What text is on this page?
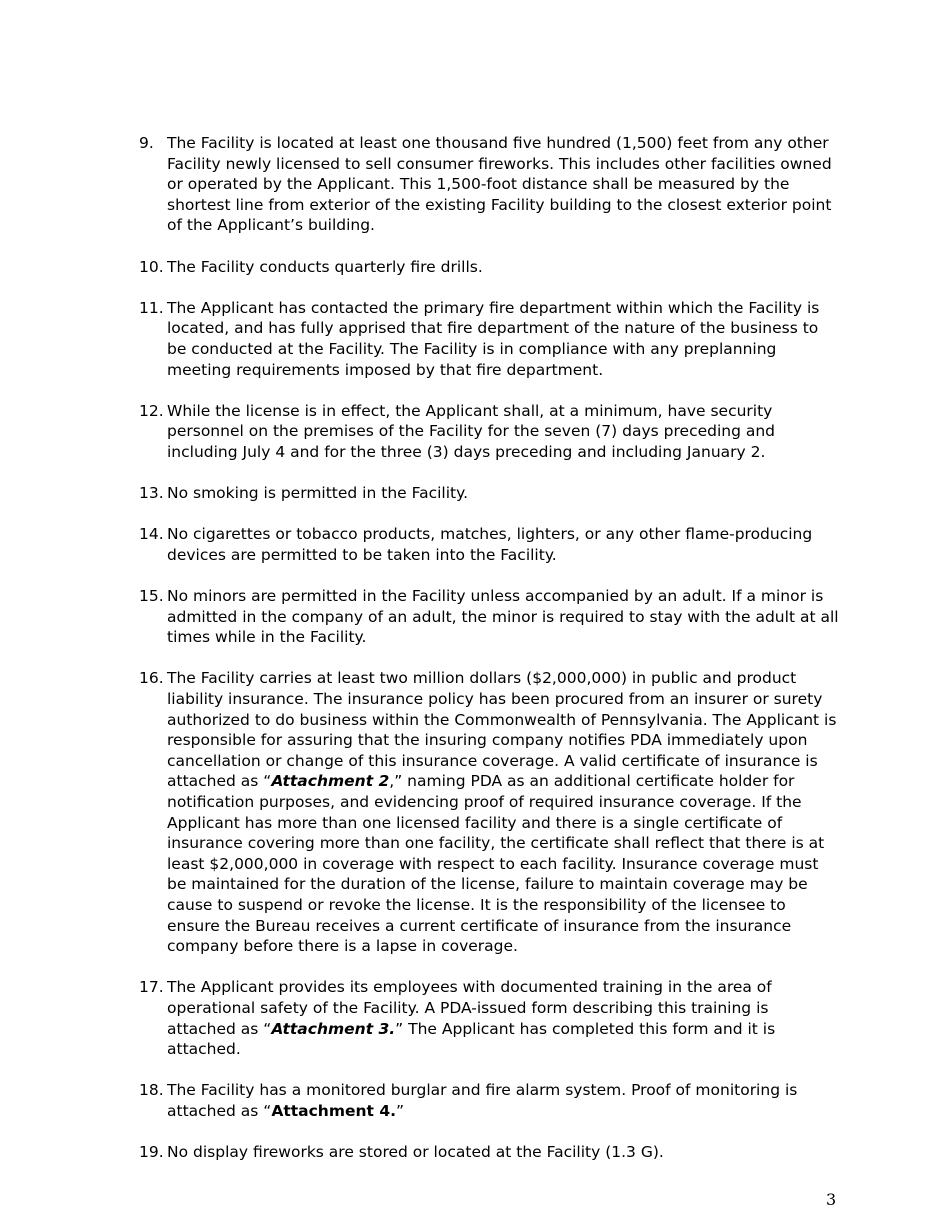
9. The Facility is located at least one thousand five hundred (1,500) feet from any other Facility newly licensed to sell consumer fireworks. This includes other facilities owned or operated by the Applicant. This 1,500-foot distance shall be measured by the shortest line from exterior of the existing Facility building to the closest exterior point of the Applicant’s building.
10. The Facility conducts quarterly fire drills.
11. The Applicant has contacted the primary fire department within which the Facility is located, and has fully apprised that fire department of the nature of the business to be conducted at the Facility. The Facility is in compliance with any preplanning meeting requirements imposed by that fire department.
12. While the license is in effect, the Applicant shall, at a minimum, have security personnel on the premises of the Facility for the seven (7) days preceding and including July 4 and for the three (3) days preceding and including January 2.
13. No smoking is permitted in the Facility.
14. No cigarettes or tobacco products, matches, lighters, or any other flame-producing devices are permitted to be taken into the Facility.
15. No minors are permitted in the Facility unless accompanied by an adult. If a minor is admitted in the company of an adult, the minor is required to stay with the adult at all times while in the Facility.
16. The Facility carries at least two million dollars ($2,000,000) in public and product liability insurance. The insurance policy has been procured from an insurer or surety authorized to do business within the Commonwealth of Pennsylvania. The Applicant is responsible for assuring that the insuring company notifies PDA immediately upon cancellation or change of this insurance coverage. A valid certificate of insurance is attached as “Attachment 2,” naming PDA as an additional certificate holder for notification purposes, and evidencing proof of required insurance coverage. If the Applicant has more than one licensed facility and there is a single certificate of insurance covering more than one facility, the certificate shall reflect that there is at least $2,000,000 in coverage with respect to each facility. Insurance coverage must be maintained for the duration of the license, failure to maintain coverage may be cause to suspend or revoke the license. It is the responsibility of the licensee to ensure the Bureau receives a current certificate of insurance from the insurance company before there is a lapse in coverage.
17. The Applicant provides its employees with documented training in the area of operational safety of the Facility. A PDA-issued form describing this training is attached as “Attachment 3.” The Applicant has completed this form and it is attached.
18. The Facility has a monitored burglar and fire alarm system. Proof of monitoring is attached as “Attachment 4.”
19. No display fireworks are stored or located at the Facility (1.3 G).
3
